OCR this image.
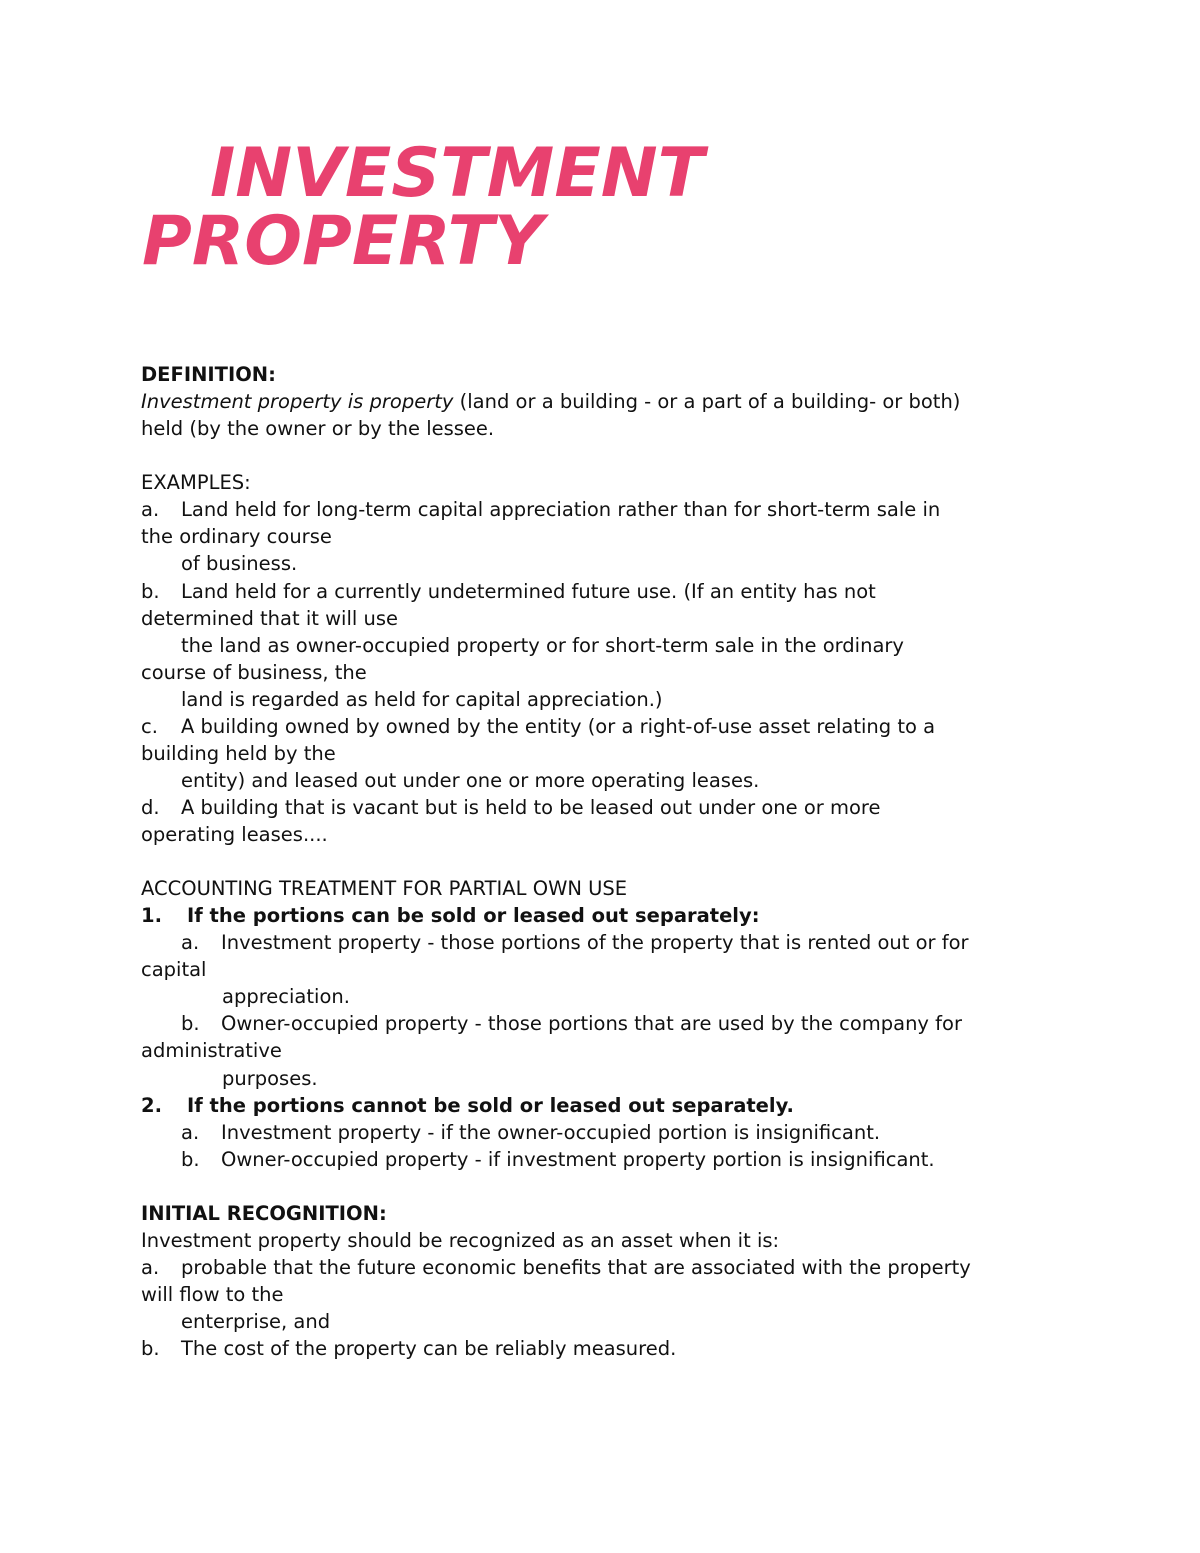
INVESTMENT
PROPERTY

DEFINITION:

Investment property is property (land or a building - or a part of a building- or both)

held (by the owner or by the lessee.

EXAMPLES:

a. Land held for long-term capital appreciation rather than for short-term sale in

the ordinary course

of business.

b. Land held for a currently undetermined future use. (If an entity has not

determined that it will use

the land as owner-occupied property or for short-term sale in the ordinary

course of business, the

land is regarded as held for capital appreciation.)

c. A building owned by owned by the entity (or a right-of-use asset relating to a

building held by the

entity) and leased out under one or more operating leases.

d. A building that is vacant but is held to be leased out under one or more

operating leases....

ACCOUNTING TREATMENT FOR PARTIAL OWN USE

1. If the portions can be sold or leased out separately:

a. Investment property - those portions of the property that is rented out or for

capital

appreciation.

b. Owner-occupied property - those portions that are used by the company for

administrative

purposes.

2. If the portions cannot be sold or leased out separately.

a. Investment property - if the owner-occupied portion is insignificant.

b. Owner-occupied property - if investment property portion is insignificant.

INITIAL RECOGNITION:

Investment property should be recognized as an asset when it is:

a. probable that the future economic benefits that are associated with the property

will flow to the

enterprise, and

b. The cost of the property can be reliably measured.
